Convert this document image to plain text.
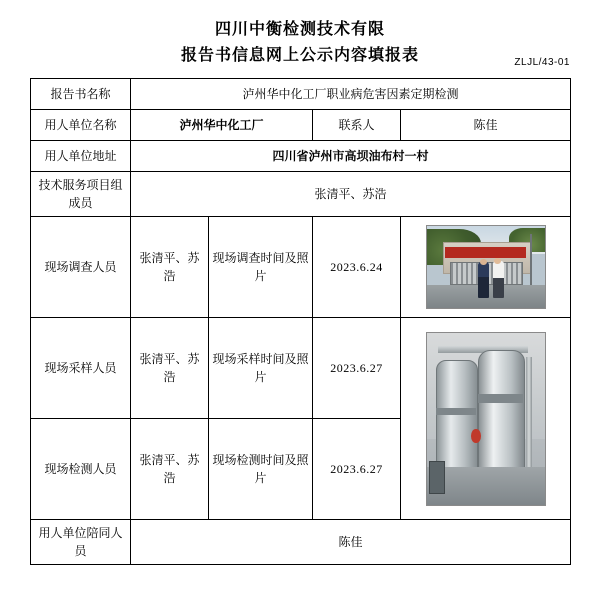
四川中衡检测技术有限
报告书信息网上公示内容填报表	ZLJL/43-01
报告书名称	泸州华中化工厂职业病危害因素定期检测			
用人单位名称	泸州华中化工厂		联系人	陈佳
用人单位地址	四川省泸州市高坝油布村一村			
技术服务项目组成员	张清平、苏浩			
现场调查人员	张清平、苏浩	现场调查时间及照片	2023.6.24	

现场采样人员	张清平、苏浩	现场采样时间及照片	2023.6.27	

现场检测人员	张清平、苏浩	现场检测时间及照片	2023.6.27	
用人单位陪同人员	陈佳			
